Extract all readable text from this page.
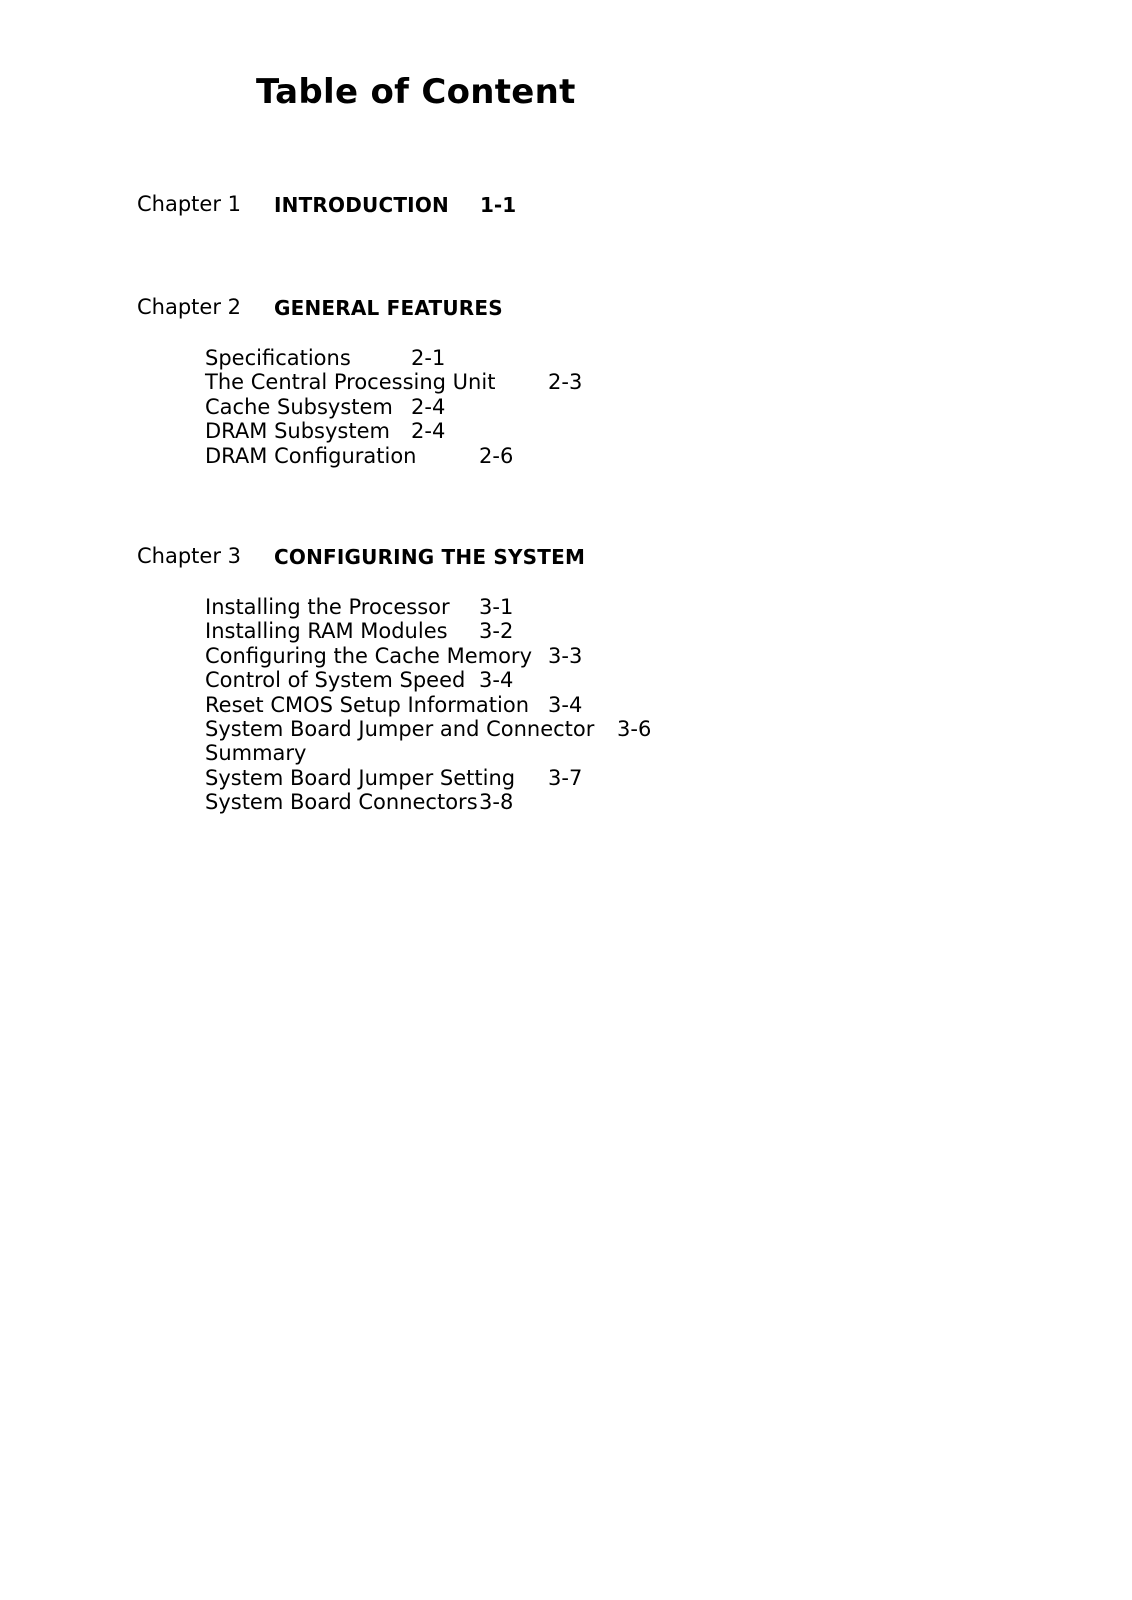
Table of Content
Chapter 1 INTRODUCTION 1-1
Chapter 2 GENERAL FEATURES
Specifications	2-1
The Central Processing Unit	2-3
Cache Subsystem 2-4
DRAM Subsystem 2-4
DRAM Configuration	2-6
Chapter 3 CONFIGURING THE SYSTEM
Installing the Processor 3-1
Installing RAM Modules 3-2
Configuring the Cache Memory 3-3
Control of System Speed 3-4
Reset CMOS Setup Information 3-4
System Board Jumper and Connector 3-6
Summary
System Board Jumper Setting 3-7
System Board Connectors 3-8
